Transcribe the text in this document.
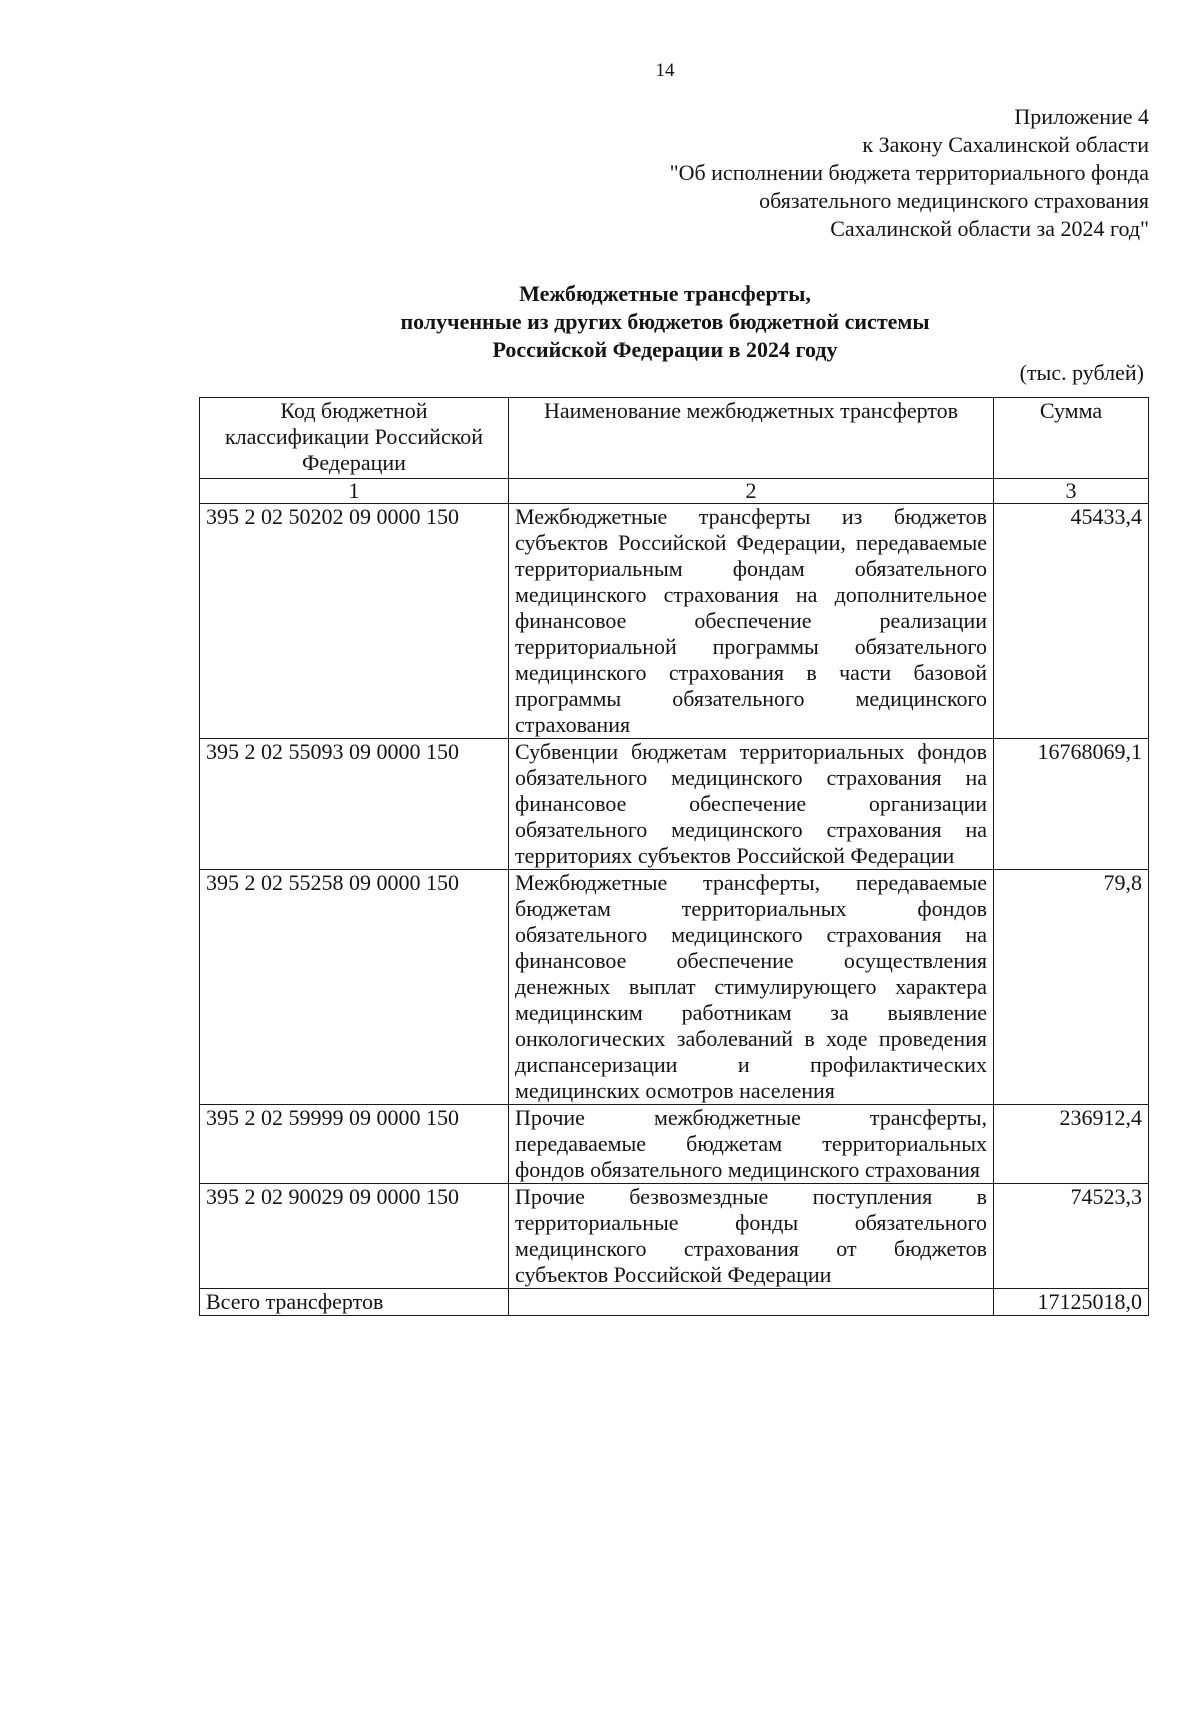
14
Приложение 4
к Закону Сахалинской области
"Об исполнении бюджета территориального фонда
обязательного медицинского страхования
Сахалинской области за 2024 год"
Межбюджетные трансферты,
полученные из других бюджетов бюджетной системы
Российской Федерации в 2024 году
(тыс. рублей)
Код бюджетной классификации Российской Федерации	Наименование межбюджетных трансфертов	Сумма
1	2	3
395 2 02 50202 09 0000 150	Межбюджетные трансферты из бюджетов субъектов Российской Федерации, передаваемые территориальным фондам обязательного медицинского страхования на дополнительное финансовое обеспечение реализации территориальной программы обязательного медицинского страхования в части базовой программы обязательного медицинского страхования	45433,4
395 2 02 55093 09 0000 150	Субвенции бюджетам территориальных фондов обязательного медицинского страхования на финансовое обеспечение организации обязательного медицинского страхования на территориях субъектов Российской Федерации	16768069,1
395 2 02 55258 09 0000 150	Межбюджетные трансферты, передаваемые бюджетам территориальных фондов обязательного медицинского страхования на финансовое обеспечение осуществления денежных выплат стимулирующего характера медицинским работникам за выявление онкологических заболеваний в ходе проведения диспансеризации и профилактических медицинских осмотров населения	79,8
395 2 02 59999 09 0000 150	Прочие межбюджетные трансферты, передаваемые бюджетам территориальных фондов обязательного медицинского страхования	236912,4
395 2 02 90029 09 0000 150	Прочие безвозмездные поступления в территориальные фонды обязательного медицинского страхования от бюджетов субъектов Российской Федерации	74523,3
Всего трансфертов		17125018,0
